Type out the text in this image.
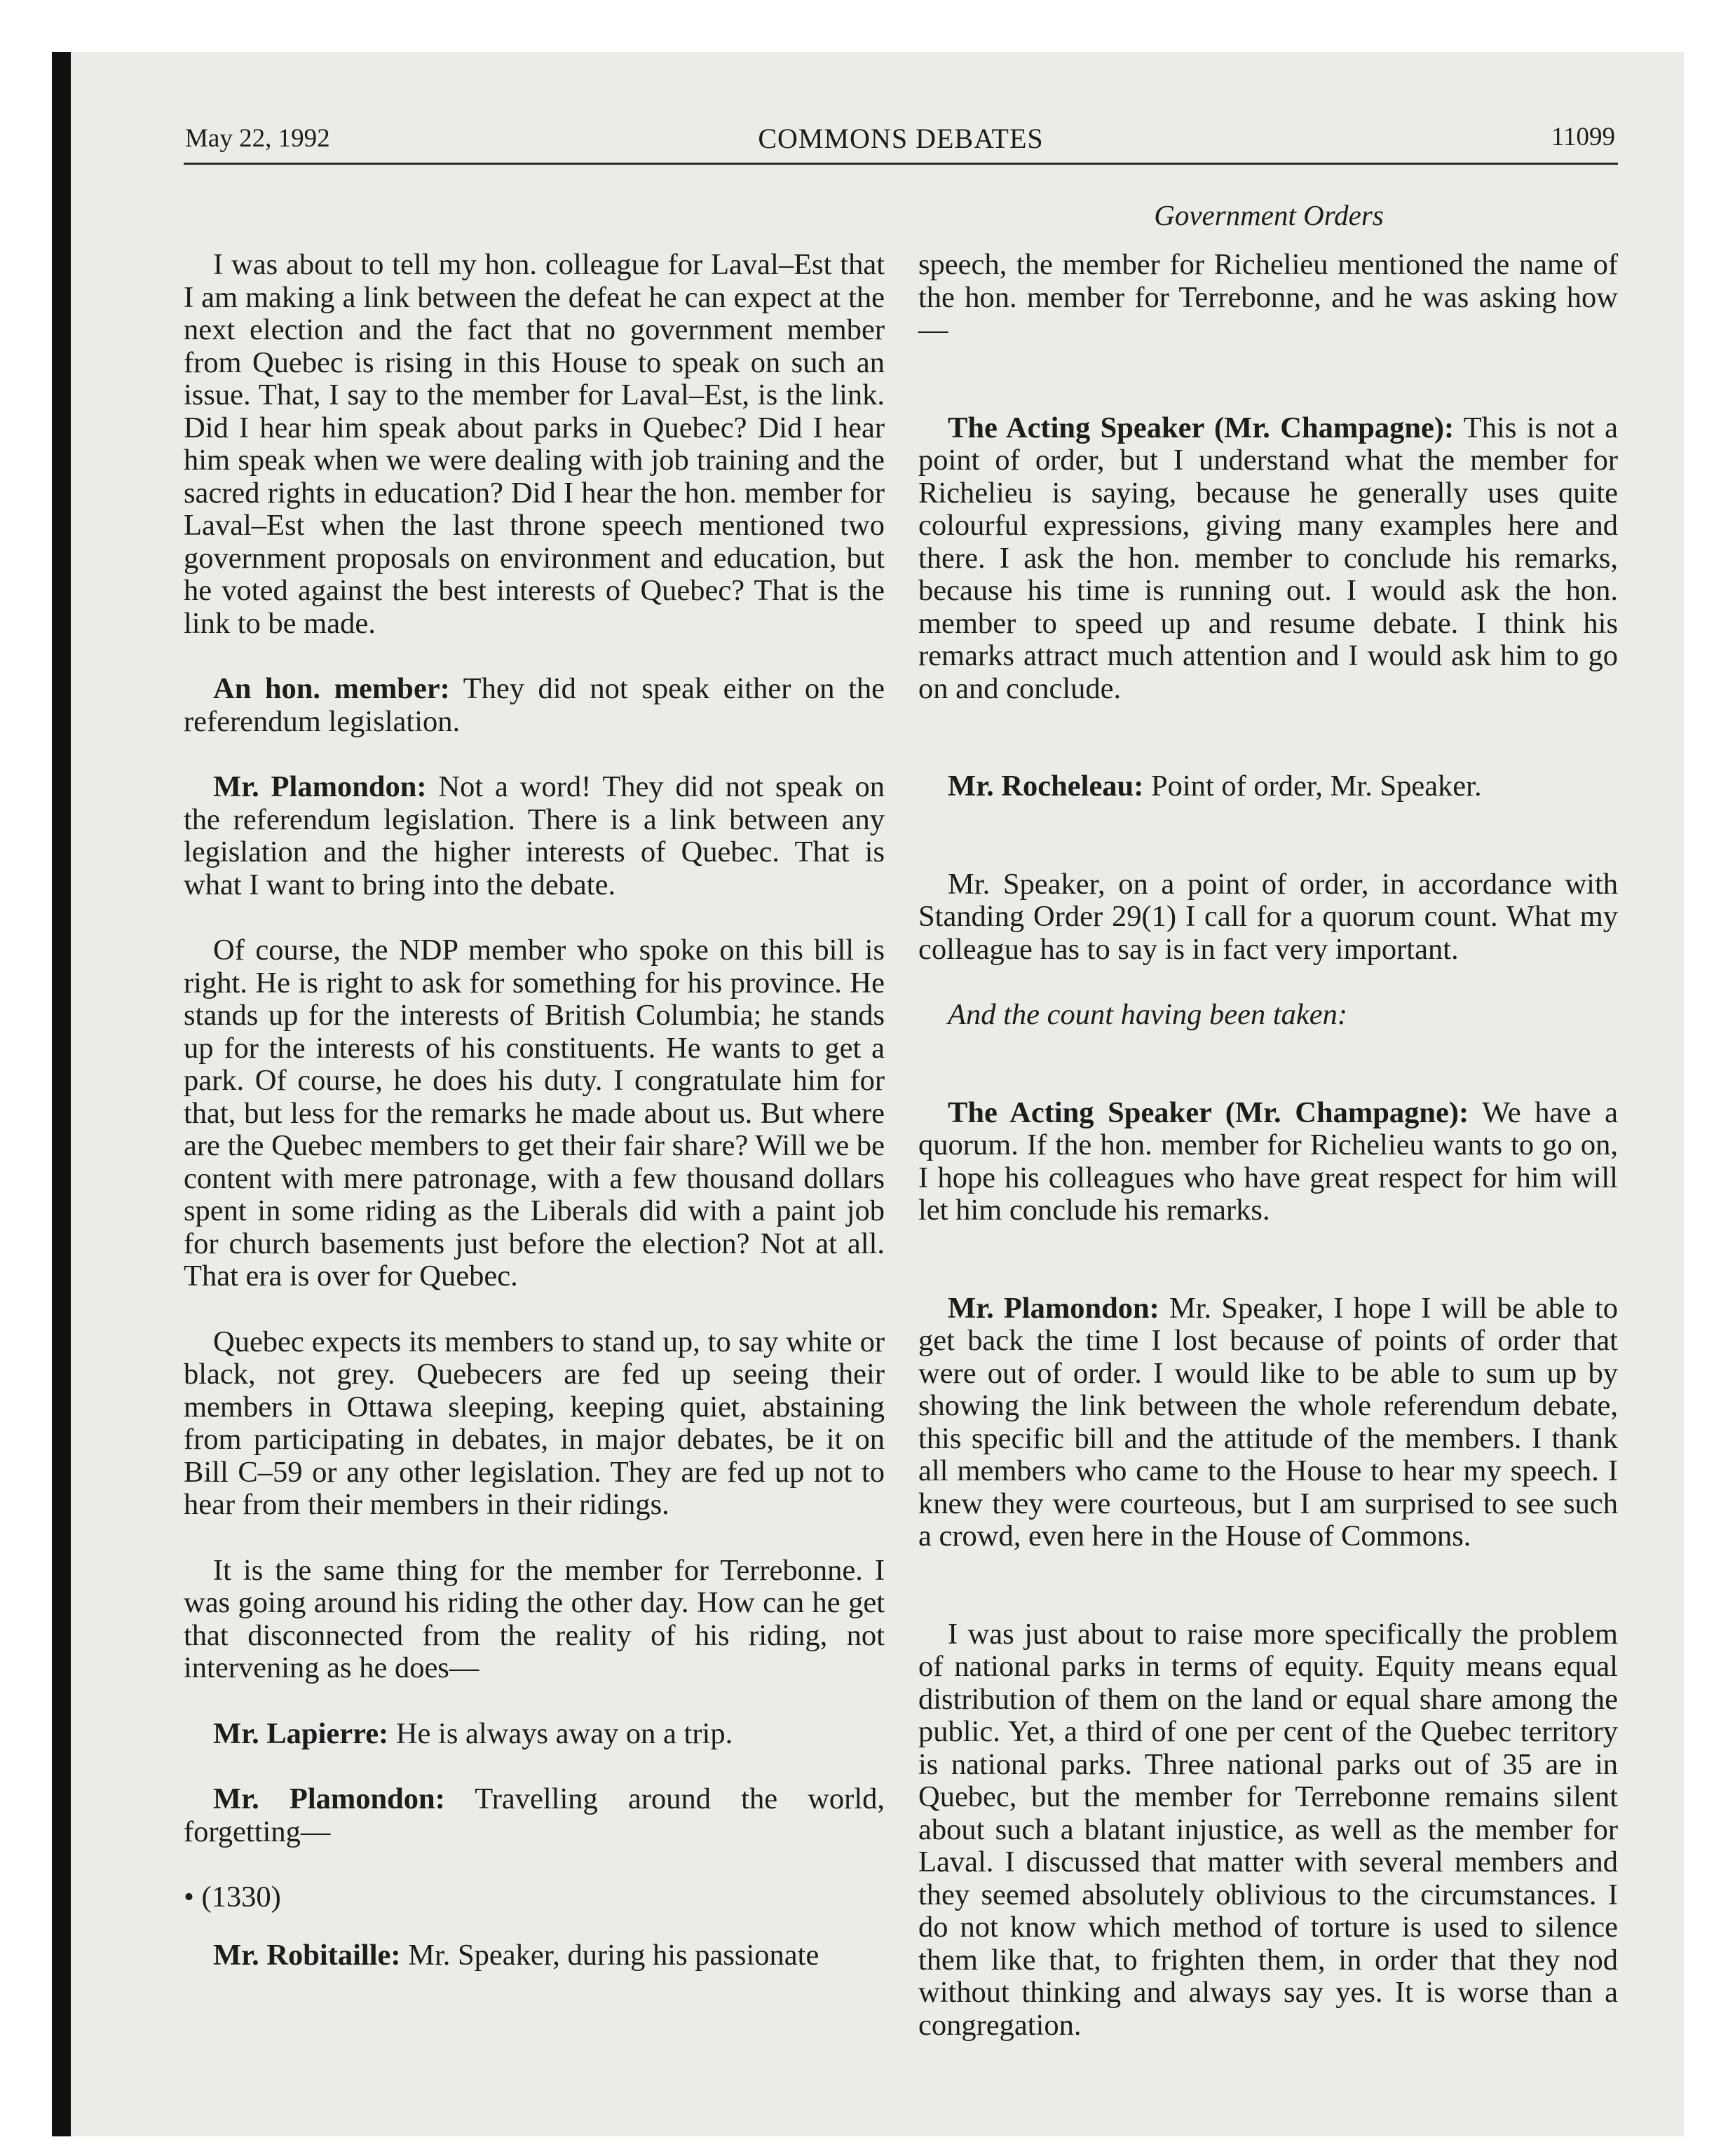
May 22, 1992	COMMONS DEBATES	11099
Government Orders

I was about to tell my hon. colleague for Laval–Est that I am making a link between the defeat he can expect at the next election and the fact that no government member from Quebec is rising in this House to speak on such an issue. That, I say to the member for Laval–Est, is the link. Did I hear him speak about parks in Quebec? Did I hear him speak when we were dealing with job training and the sacred rights in education? Did I hear the hon. member for Laval–Est when the last throne speech mentioned two government proposals on environment and education, but he voted against the best interests of Quebec? That is the link to be made.

An hon. member: They did not speak either on the referendum legislation.

Mr. Plamondon: Not a word! They did not speak on the referendum legislation. There is a link between any legislation and the higher interests of Quebec. That is what I want to bring into the debate.

Of course, the NDP member who spoke on this bill is right. He is right to ask for something for his province. He stands up for the interests of British Columbia; he stands up for the interests of his constituents. He wants to get a park. Of course, he does his duty. I congratulate him for that, but less for the remarks he made about us. But where are the Quebec members to get their fair share? Will we be content with mere patronage, with a few thousand dollars spent in some riding as the Liberals did with a paint job for church basements just before the election? Not at all. That era is over for Quebec.

Quebec expects its members to stand up, to say white or black, not grey. Quebecers are fed up seeing their members in Ottawa sleeping, keeping quiet, abstaining from participating in debates, in major debates, be it on Bill C–59 or any other legislation. They are fed up not to hear from their members in their ridings.

It is the same thing for the member for Terrebonne. I was going around his riding the other day. How can he get that disconnected from the reality of his riding, not intervening as he does—

Mr. Lapierre: He is always away on a trip.

Mr. Plamondon: Travelling around the world, forgetting—

• (1330)

Mr. Robitaille: Mr. Speaker, during his passionate

speech, the member for Richelieu mentioned the name of the hon. member for Terrebonne, and he was asking how—

The Acting Speaker (Mr. Champagne): This is not a point of order, but I understand what the member for Richelieu is saying, because he generally uses quite colourful expressions, giving many examples here and there. I ask the hon. member to conclude his remarks, because his time is running out. I would ask the hon. member to speed up and resume debate. I think his remarks attract much attention and I would ask him to go on and conclude.

Mr. Rocheleau: Point of order, Mr. Speaker.

Mr. Speaker, on a point of order, in accordance with Standing Order 29(1) I call for a quorum count. What my colleague has to say is in fact very important.

And the count having been taken:

The Acting Speaker (Mr. Champagne): We have a quorum. If the hon. member for Richelieu wants to go on, I hope his colleagues who have great respect for him will let him conclude his remarks.

Mr. Plamondon: Mr. Speaker, I hope I will be able to get back the time I lost because of points of order that were out of order. I would like to be able to sum up by showing the link between the whole referendum debate, this specific bill and the attitude of the members. I thank all members who came to the House to hear my speech. I knew they were courteous, but I am surprised to see such a crowd, even here in the House of Commons.

I was just about to raise more specifically the problem of national parks in terms of equity. Equity means equal distribution of them on the land or equal share among the public. Yet, a third of one per cent of the Quebec territory is national parks. Three national parks out of 35 are in Quebec, but the member for Terrebonne remains silent about such a blatant injustice, as well as the member for Laval. I discussed that matter with several members and they seemed absolutely oblivious to the circumstances. I do not know which method of torture is used to silence them like that, to frighten them, in order that they nod without thinking and always say yes. It is worse than a congregation.
